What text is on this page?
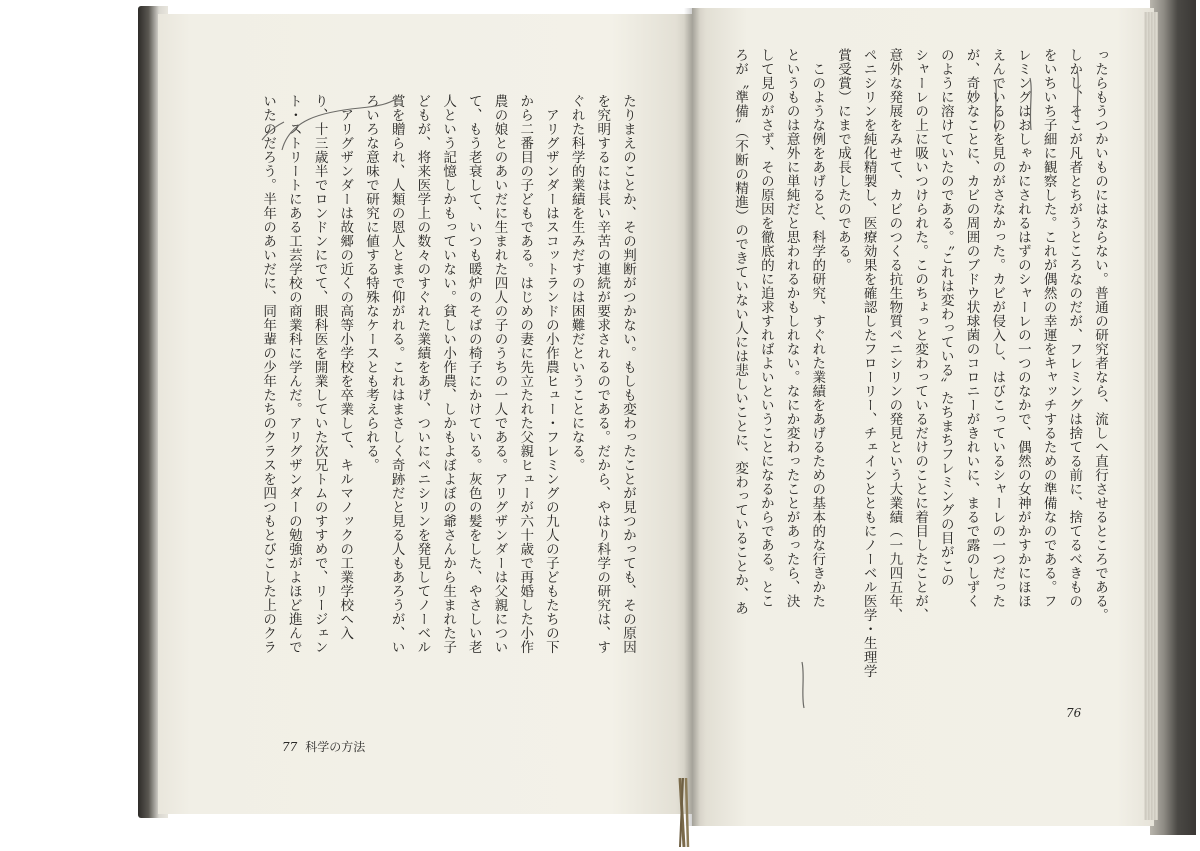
ったらもうつかいものにはならない。普通の研究者なら、流しへ直行させるところである。
しかし、そこが凡者とちがうところなのだが、フレミングは捨てる前に、捨てるべきもの
をいちいち子細に観察した。これが偶然の幸運をキャッチするための準備なのである。フ
レミングはおしゃかにされるはずのシャーレの一つのなかで、偶然の女神がかすかにほほ
えんでいるのを見のがさなかった。カビが侵入し、はびこっているシャーレの一つだった
が、奇妙なことに、カビの周囲のブドウ状球菌のコロニーがきれいに、まるで露のしずく
のように溶けていたのである。〝これは変わっている〟たちまちフレミングの目がこの
シャーレの上に吸いつけられた。このちょっと変わっているだけのことに着目したことが、
意外な発展をみせて、カビのつくる抗生物質ペニシリンの発見という大業績（一九四五年、
ペニシリンを純化精製し、医療効果を確認したフローリー、チェインとともにノーベル医学・生理学
賞受賞）にまで成長したのである。
　このような例をあげると、科学的研究、すぐれた業績をあげるための基本的な行きかた
というものは意外に単純だと思われるかもしれない。なにか変わったことがあったら、決
して見のがさず、その原因を徹底的に追求すればよいということになるからである。とこ
ろが〝準備〟（不断の精進）のできていない人には悲しいことに、変わっていることか、あ
たりまえのことか、その判断がつかない。もしも変わったことが見つかっても、その原因
を究明するには長い辛苦の連続が要求されるのである。だから、やはり科学の研究は、す
ぐれた科学的業績を生みだすのは困難だということになる。
　アリグザンダーはスコットランドの小作農ヒュー・フレミングの九人の子どもたちの下
から二番目の子どもである。はじめの妻に先立たれた父親ヒューが六十歳で再婚した小作
農の娘とのあいだに生まれた四人の子のうちの一人である。アリグザンダーは父親につい
て、もう老衰して、いつも暖炉のそばの椅子にかけている。灰色の髪をした、やさしい老
人という記憶しかもっていない。貧しい小作農、しかもよぼよぼの爺さんから生まれた子
どもが、将来医学上の数々のすぐれた業績をあげ、ついにペニシリンを発見してノーベル
賞を贈られ、人類の恩人とまで仰がれる。これはまさしく奇跡だと見る人もあろうが、い
ろいろな意味で研究に値する特殊なケースとも考えられる。
　アリグザンダーは故郷の近くの高等小学校を卒業して、キルマノックの工業学校へ入
り、十三歳半でロンドンにでて、眼科医を開業していた次兄トムのすすめで、リージェン
ト・ストリートにある工芸学校の商業科に学んだ。アリグザンダーの勉強がよほど進んで
いたのだろう。半年のあいだに、同年輩の少年たちのクラスを四つもとびこした上のクラ
76
77 科学の方法
